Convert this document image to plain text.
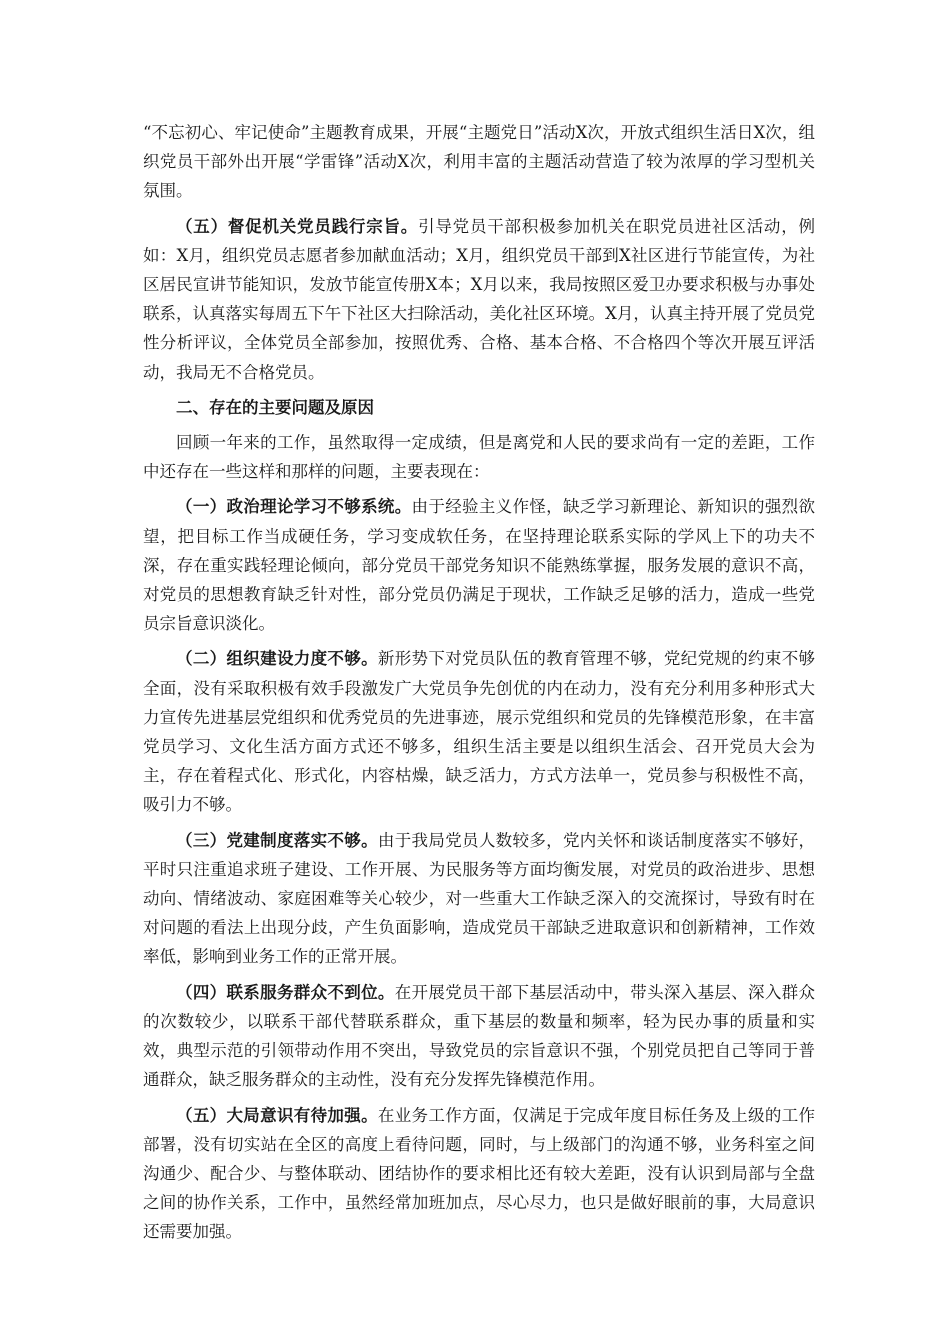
“不忘初心、牢记使命”主题教育成果，开展“主题党日”活动X次，开放式组织生活日X次，组织党员干部外出开展“学雷锋”活动X次，利用丰富的主题活动营造了较为浓厚的学习型机关氛围。

（五）督促机关党员践行宗旨。引导党员干部积极参加机关在职党员进社区活动，例如：X月，组织党员志愿者参加献血活动；X月，组织党员干部到X社区进行节能宣传，为社区居民宣讲节能知识，发放节能宣传册X本；X月以来，我局按照区爱卫办要求积极与办事处联系，认真落实每周五下午下社区大扫除活动，美化社区环境。X月，认真主持开展了党员党性分析评议，全体党员全部参加，按照优秀、合格、基本合格、不合格四个等次开展互评活动，我局无不合格党员。

二、存在的主要问题及原因

回顾一年来的工作，虽然取得一定成绩，但是离党和人民的要求尚有一定的差距，工作中还存在一些这样和那样的问题，主要表现在：

（一）政治理论学习不够系统。由于经验主义作怪，缺乏学习新理论、新知识的强烈欲望，把目标工作当成硬任务，学习变成软任务，在坚持理论联系实际的学风上下的功夫不深，存在重实践轻理论倾向，部分党员干部党务知识不能熟练掌握，服务发展的意识不高，对党员的思想教育缺乏针对性，部分党员仍满足于现状，工作缺乏足够的活力，造成一些党员宗旨意识淡化。

（二）组织建设力度不够。新形势下对党员队伍的教育管理不够，党纪党规的约束不够全面，没有采取积极有效手段激发广大党员争先创优的内在动力，没有充分利用多种形式大力宣传先进基层党组织和优秀党员的先进事迹，展示党组织和党员的先锋模范形象，在丰富党员学习、文化生活方面方式还不够多，组织生活主要是以组织生活会、召开党员大会为主，存在着程式化、形式化，内容枯燥，缺乏活力，方式方法单一，党员参与积极性不高，吸引力不够。

（三）党建制度落实不够。由于我局党员人数较多，党内关怀和谈话制度落实不够好，平时只注重追求班子建设、工作开展、为民服务等方面均衡发展，对党员的政治进步、思想动向、情绪波动、家庭困难等关心较少，对一些重大工作缺乏深入的交流探讨，导致有时在对问题的看法上出现分歧，产生负面影响，造成党员干部缺乏进取意识和创新精神，工作效率低，影响到业务工作的正常开展。

（四）联系服务群众不到位。在开展党员干部下基层活动中，带头深入基层、深入群众的次数较少，以联系干部代替联系群众，重下基层的数量和频率，轻为民办事的质量和实效，典型示范的引领带动作用不突出，导致党员的宗旨意识不强，个别党员把自己等同于普通群众，缺乏服务群众的主动性，没有充分发挥先锋模范作用。

（五）大局意识有待加强。在业务工作方面，仅满足于完成年度目标任务及上级的工作部署，没有切实站在全区的高度上看待问题，同时，与上级部门的沟通不够，业务科室之间沟通少、配合少、与整体联动、团结协作的要求相比还有较大差距，没有认识到局部与全盘之间的协作关系，工作中，虽然经常加班加点，尽心尽力，也只是做好眼前的事，大局意识还需要加强。
